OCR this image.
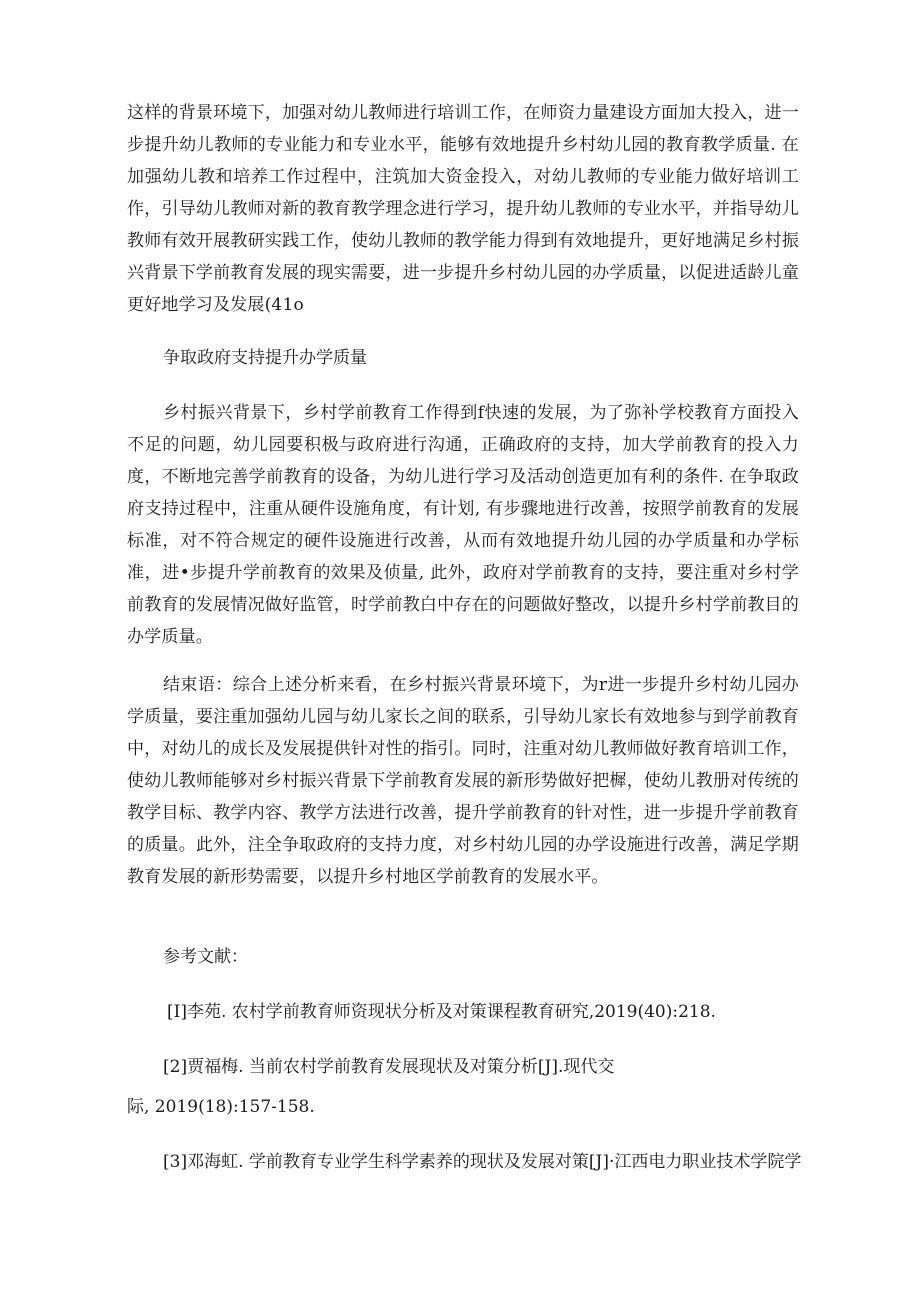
这样的背景环境下，加强对幼儿教师进行培训工作，在师资力量建设方面加大投入，进一步提升幼儿教师的专业能力和专业水平，能够有效地提升乡村幼儿园的教育教学质量. 在加强幼儿教和培养工作过程中，注筑加大资金投入，对幼儿教师的专业能力做好培训工作，引导幼儿教师对新的教育教学理念进行学习，提升幼儿教师的专业水平，并指导幼儿教师有效开展教研实践工作，使幼儿教师的教学能力得到有效地提升，更好地满足乡村振兴背景下学前教育发展的现实需要，进一步提升乡村幼儿园的办学质量，以促进适龄儿童更好地学习及发展(41o

争取政府支持提升办学质量

乡村振兴背景下，乡村学前教育工作得到f快速的发展，为了弥补学校教育方面投入不足的问题，幼儿园要积极与政府进行沟通，正确政府的支持，加大学前教育的投入力度，不断地完善学前教育的设备，为幼儿进行学习及活动创造更加有利的条件. 在争取政府支持过程中，注重从硬件设施角度，有计划, 有步骤地进行改善，按照学前教育的发展标准，对不符合规定的硬件设施进行改善，从而有效地提升幼儿园的办学质量和办学标准，进•步提升学前教育的效果及侦量, 此外，政府对学前教育的支持，要注重对乡村学前教育的发展情况做好监管，时学前教白中存在的问题做好整改，以提升乡村学前教目的办学质量。

结束语：综合上述分析来看，在乡村振兴背景环境下，为r进一步提升乡村幼儿园办学质量，要注重加强幼儿园与幼儿家长之间的联系，引导幼儿家长有效地参与到学前教育中，对幼儿的成长及发展提供针对性的指引。同时，注重对幼儿教师做好教育培训工作，使幼儿教师能够对乡村振兴背景下学前教育发展的新形势做好把樨，使幼儿教册对传统的教学目标、教学内容、教学方法进行改善，提升学前教育的针对性，进一步提升学前教育的质量。此外，注全争取政府的支持力度，对乡村幼儿园的办学设施进行改善，满足学期教育发展的新形势需要，以提升乡村地区学前教育的发展水平。

参考文献：

[I]李苑. 农村学前教育师资现状分析及对策课程教育研究,2019(40):218.

[2]贾福梅. 当前农村学前教育发展现状及对策分析[J].现代交

际, 2019(18):157-158.

[3]邓海虹. 学前教育专业学生科学素养的现状及发展对策[J]·江西电力职业技术学院学
